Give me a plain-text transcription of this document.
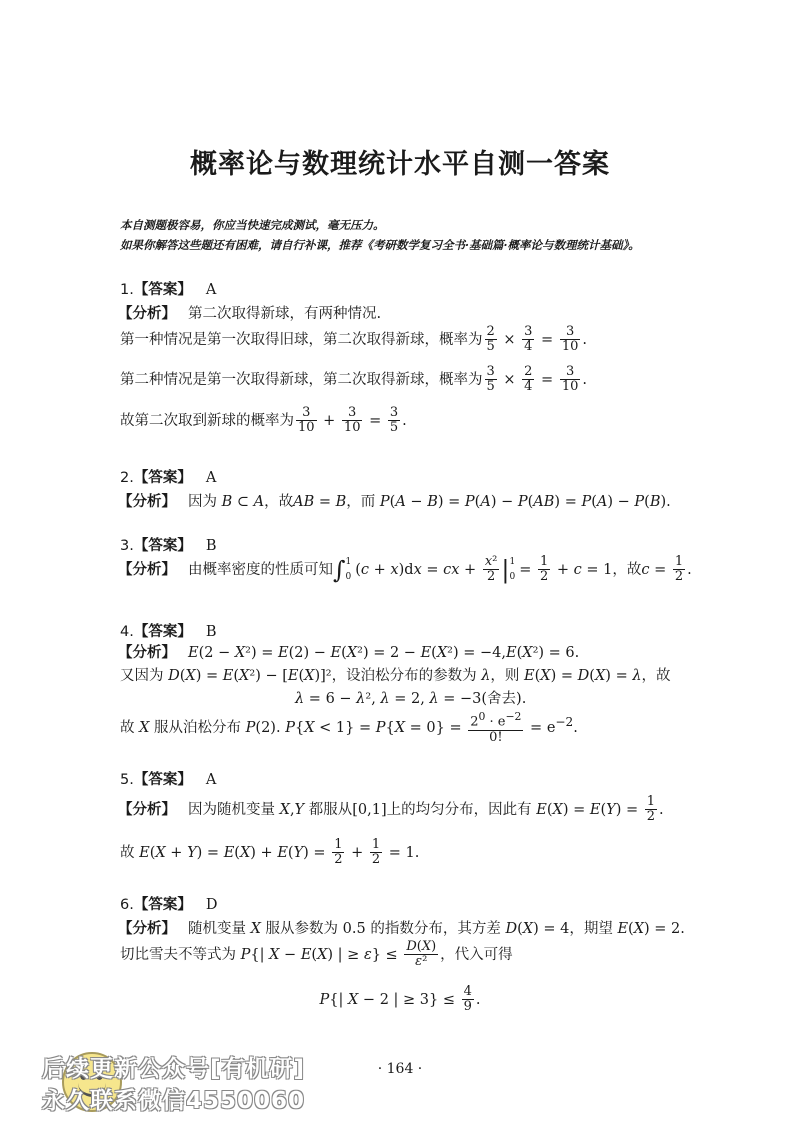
概率论与数理统计水平自测一答案
本自测题极容易，你应当快速完成测试，毫无压力。
如果你解答这些题还有困难，请自行补课，推荐《考研数学复习全书·基础篇·概率论与数理统计基础》。
1.【答案】 A
【分析】 第二次取得新球，有两种情况.
第一种情况是第一次取得旧球，第二次取得新球，概率为 $\frac{2}{5} \times \frac{3}{4} = \frac{3}{10}$ .
第二种情况是第一次取得新球，第二次取得新球，概率为 $\frac{3}{5} \times \frac{2}{4} = \frac{3}{10}$ .
故第二次取到新球的概率为 $\frac{3}{10} + \frac{3}{10} = \frac{3}{5}$ .
2.【答案】 A
【分析】 因为 B ⊂ A，故AB = B，而 P(A − B) = P(A) − P(AB) = P(A) − P(B).
3.【答案】 B
【分析】 由概率密度的性质可知∫1
0 (c + x)dx = cx + $\frac{\text{x²}}{2} |1$
$0 = \frac{1}{2} + c = 1$，故$c = \frac{1}{2}$ .
4.【答案】 B
【分析】 E(2 − X²) = E(2) − E(X²) = 2 − E(X²) = −4,E(X²) = 6.
又因为 D(X) = E(X²) − [E(X)]²，设泊松分布的参数为 λ，则 E(X) = D(X) = λ，故
λ = 6 − λ², λ = 2, λ = −3(舍去).
故 X 服从泊松分布 P(2). $P\{X < 1\} = P\{X = 0\} = \frac{2^0 \cdot e^{-2}}{0!} = e^{-2}$.
5.【答案】 A
【分析】 因为随机变量 X,Y 都服从[0,1]上的均匀分布，因此有 $E(X) = E(Y) = \frac{1}{2}$ .
故 $E(X + Y) = E(X) + E(Y) = \frac{1}{2} + \frac{1}{2} = 1$.
6.【答案】 D
【分析】 随机变量 X 服从参数为 0.5 的指数分布，其方差 D(X) = 4，期望 E(X) = 2.
切比雪夫不等式为 P{| X − E(X) | ≥ $\varepsilon\} \le \frac{D(X)}{\text{ε²}}$ ，代入可得
P{| X − 2 | ≥ $3\} \le \frac{4}{9}$ .
· 164 ·
后续更新公众号[有机研]
永久联系微信4550060
